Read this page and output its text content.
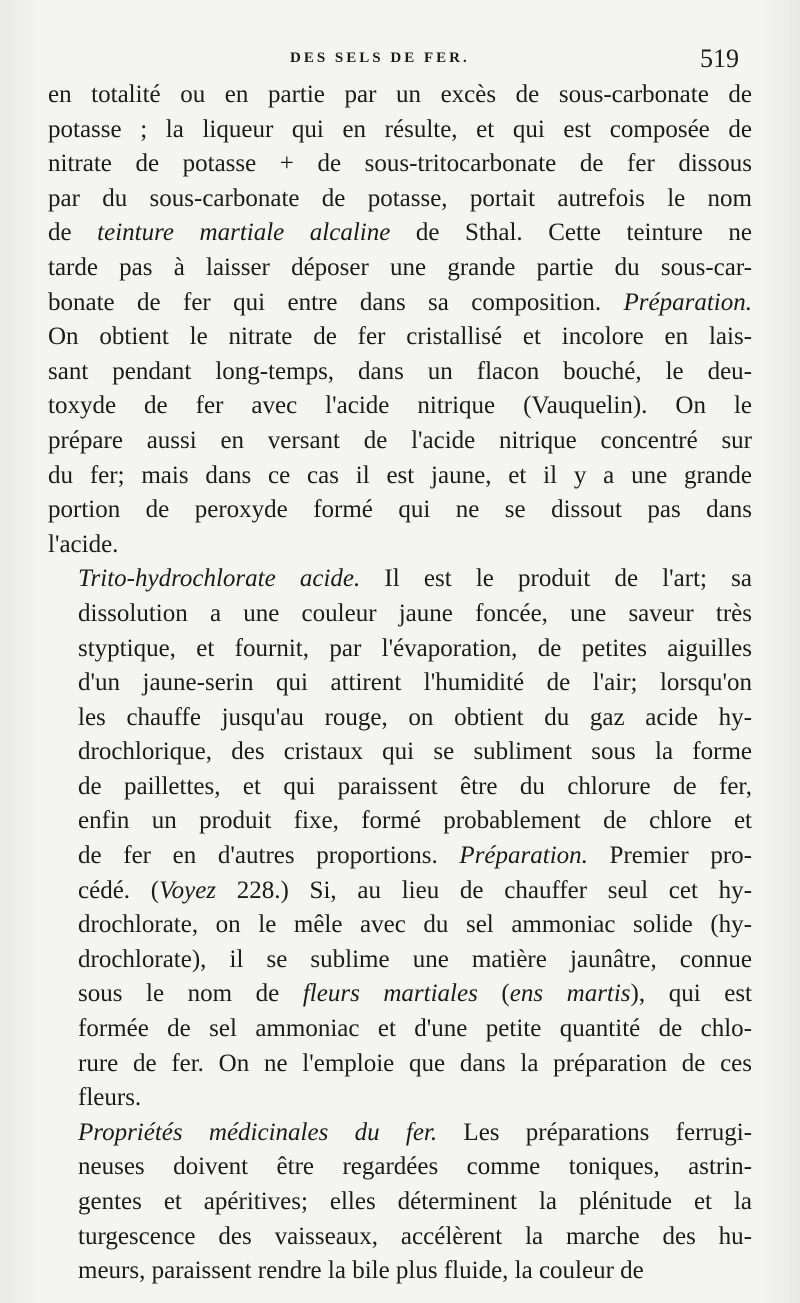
DES SELS DE FER.	519

en totalité ou en partie par un excès de sous-carbonate de
potasse ; la liqueur qui en résulte, et qui est composée de
nitrate de potasse + de sous-tritocarbonate de fer dissous
par du sous-carbonate de potasse, portait autrefois le nom
de teinture martiale alcaline de Sthal. Cette teinture ne
tarde pas à laisser déposer une grande partie du sous-car-
bonate de fer qui entre dans sa composition. Préparation.
On obtient le nitrate de fer cristallisé et incolore en lais-
sant pendant long-temps, dans un flacon bouché, le deu-
toxyde de fer avec l'acide nitrique (Vauquelin). On le
prépare aussi en versant de l'acide nitrique concentré sur
du fer; mais dans ce cas il est jaune, et il y a une grande
portion de peroxyde formé qui ne se dissout pas dans
l'acide.

Trito-hydrochlorate acide. Il est le produit de l'art; sa
dissolution a une couleur jaune foncée, une saveur très
styptique, et fournit, par l'évaporation, de petites aiguilles
d'un jaune-serin qui attirent l'humidité de l'air; lorsqu'on
les chauffe jusqu'au rouge, on obtient du gaz acide hy-
drochlorique, des cristaux qui se subliment sous la forme
de paillettes, et qui paraissent être du chlorure de fer,
enfin un produit fixe, formé probablement de chlore et
de fer en d'autres proportions. Préparation. Premier pro-
cédé. (Voyez 228.) Si, au lieu de chauffer seul cet hy-
drochlorate, on le mêle avec du sel ammoniac solide (hy-
drochlorate), il se sublime une matière jaunâtre, connue
sous le nom de fleurs martiales (ens martis), qui est
formée de sel ammoniac et d'une petite quantité de chlo-
rure de fer. On ne l'emploie que dans la préparation de ces
fleurs.

Propriétés médicinales du fer. Les préparations ferrugi-
neuses doivent être regardées comme toniques, astrin-
gentes et apéritives; elles déterminent la plénitude et la
turgescence des vaisseaux, accélèrent la marche des hu-
meurs, paraissent rendre la bile plus fluide, la couleur de
